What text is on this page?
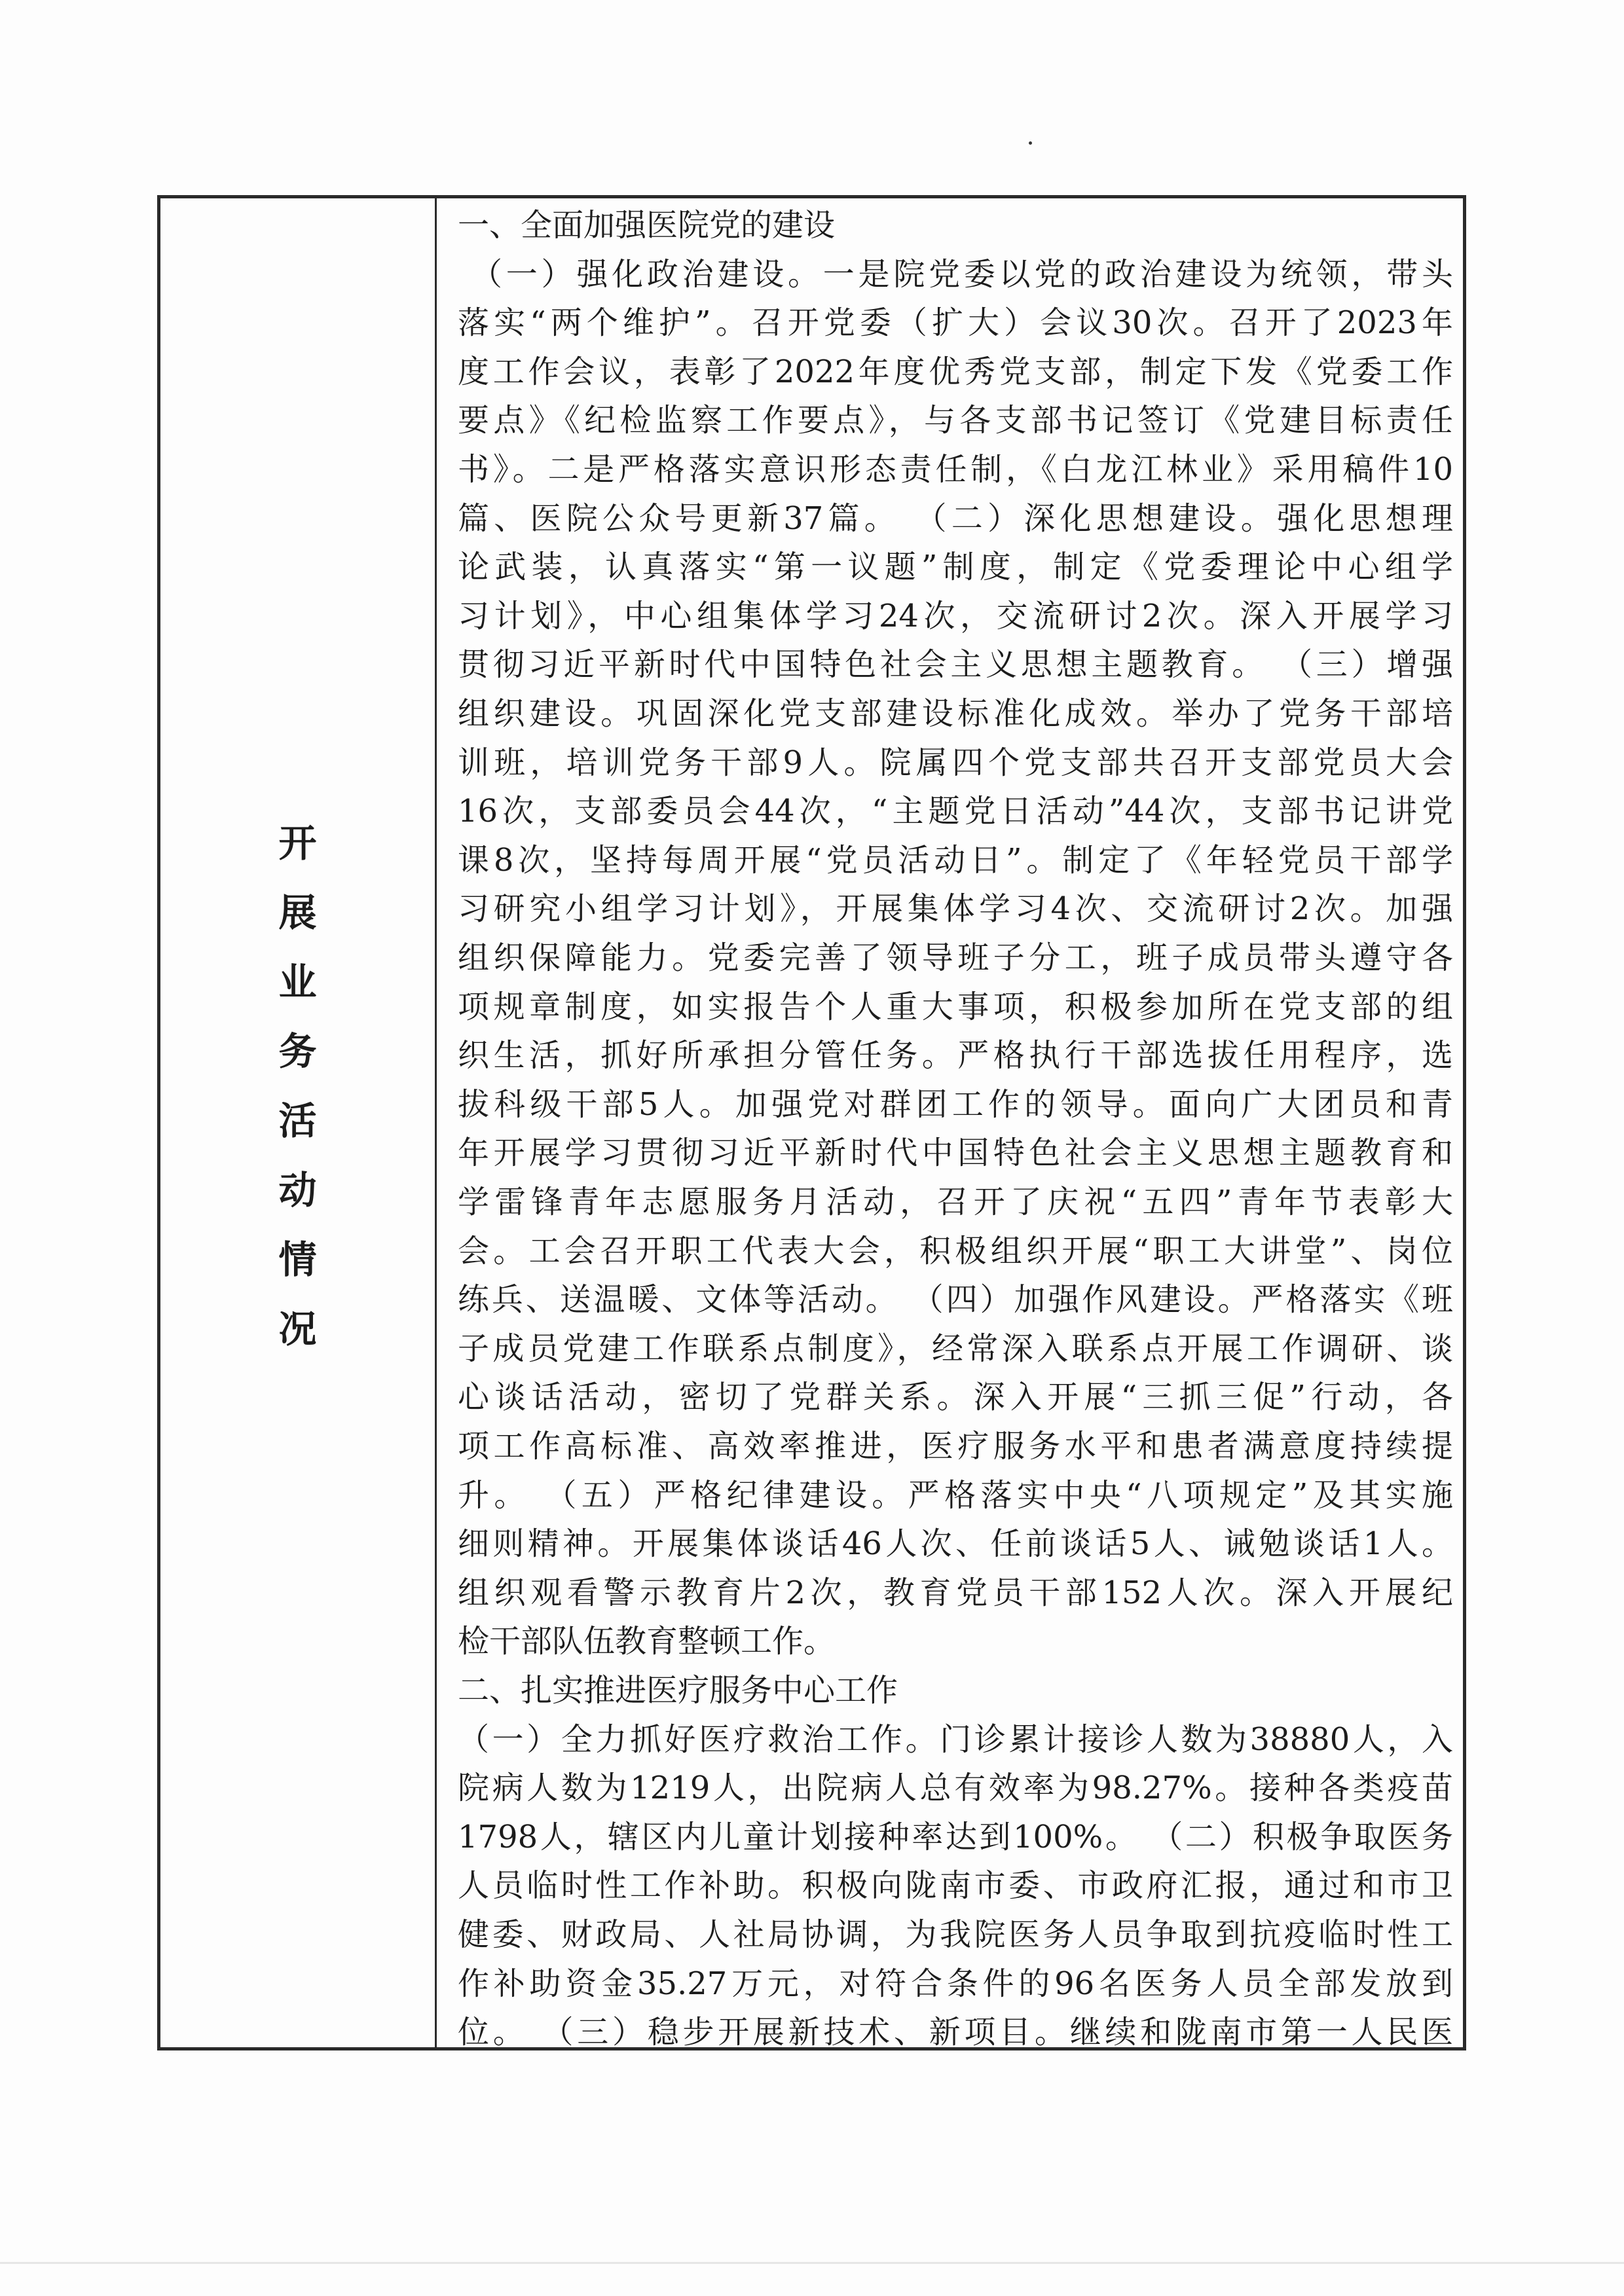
开
展
业
务
活
动
情
况
一、全面加强医院党的建设
（一）强化政治建设。一是院党委以党的政治建设为统领，带头
落实“两个维护”。召开党委（扩大）会议30次。召开了2023年
度工作会议，表彰了2022年度优秀党支部，制定下发《党委工作
要点》《纪检监察工作要点》，与各支部书记签订《党建目标责任
书》。二是严格落实意识形态责任制，《白龙江林业》采用稿件10
篇、医院公众号更新37篇。 （二）深化思想建设。强化思想理
论武装，认真落实“第一议题”制度，制定《党委理论中心组学
习计划》，中心组集体学习24次，交流研讨2次。深入开展学习
贯彻习近平新时代中国特色社会主义思想主题教育。 （三）增强
组织建设。巩固深化党支部建设标准化成效。举办了党务干部培
训班，培训党务干部9人。院属四个党支部共召开支部党员大会
16次，支部委员会44次，“主题党日活动”44次，支部书记讲党
课8次，坚持每周开展“党员活动日”。制定了《年轻党员干部学
习研究小组学习计划》，开展集体学习4次、交流研讨2次。加强
组织保障能力。党委完善了领导班子分工，班子成员带头遵守各
项规章制度，如实报告个人重大事项，积极参加所在党支部的组
织生活，抓好所承担分管任务。严格执行干部选拔任用程序，选
拔科级干部5人。加强党对群团工作的领导。面向广大团员和青
年开展学习贯彻习近平新时代中国特色社会主义思想主题教育和
学雷锋青年志愿服务月活动，召开了庆祝“五四”青年节表彰大
会。工会召开职工代表大会，积极组织开展“职工大讲堂”、岗位
练兵、送温暖、文体等活动。 （四）加强作风建设。严格落实《班
子成员党建工作联系点制度》，经常深入联系点开展工作调研、谈
心谈话活动，密切了党群关系。深入开展“三抓三促”行动，各
项工作高标准、高效率推进，医疗服务水平和患者满意度持续提
升。 （五）严格纪律建设。严格落实中央“八项规定”及其实施
细则精神。开展集体谈话46人次、任前谈话5人、诫勉谈话1人。
组织观看警示教育片2次，教育党员干部152人次。深入开展纪
检干部队伍教育整顿工作。
二、扎实推进医疗服务中心工作
（一）全力抓好医疗救治工作。门诊累计接诊人数为38880人，入
院病人数为1219人，出院病人总有效率为98.27%。接种各类疫苗
1798人，辖区内儿童计划接种率达到100%。 （二）积极争取医务
人员临时性工作补助。积极向陇南市委、市政府汇报，通过和市卫
健委、财政局、人社局协调，为我院医务人员争取到抗疫临时性工
作补助资金35.27万元，对符合条件的96名医务人员全部发放到
位。 （三）稳步开展新技术、新项目。继续和陇南市第一人民医
